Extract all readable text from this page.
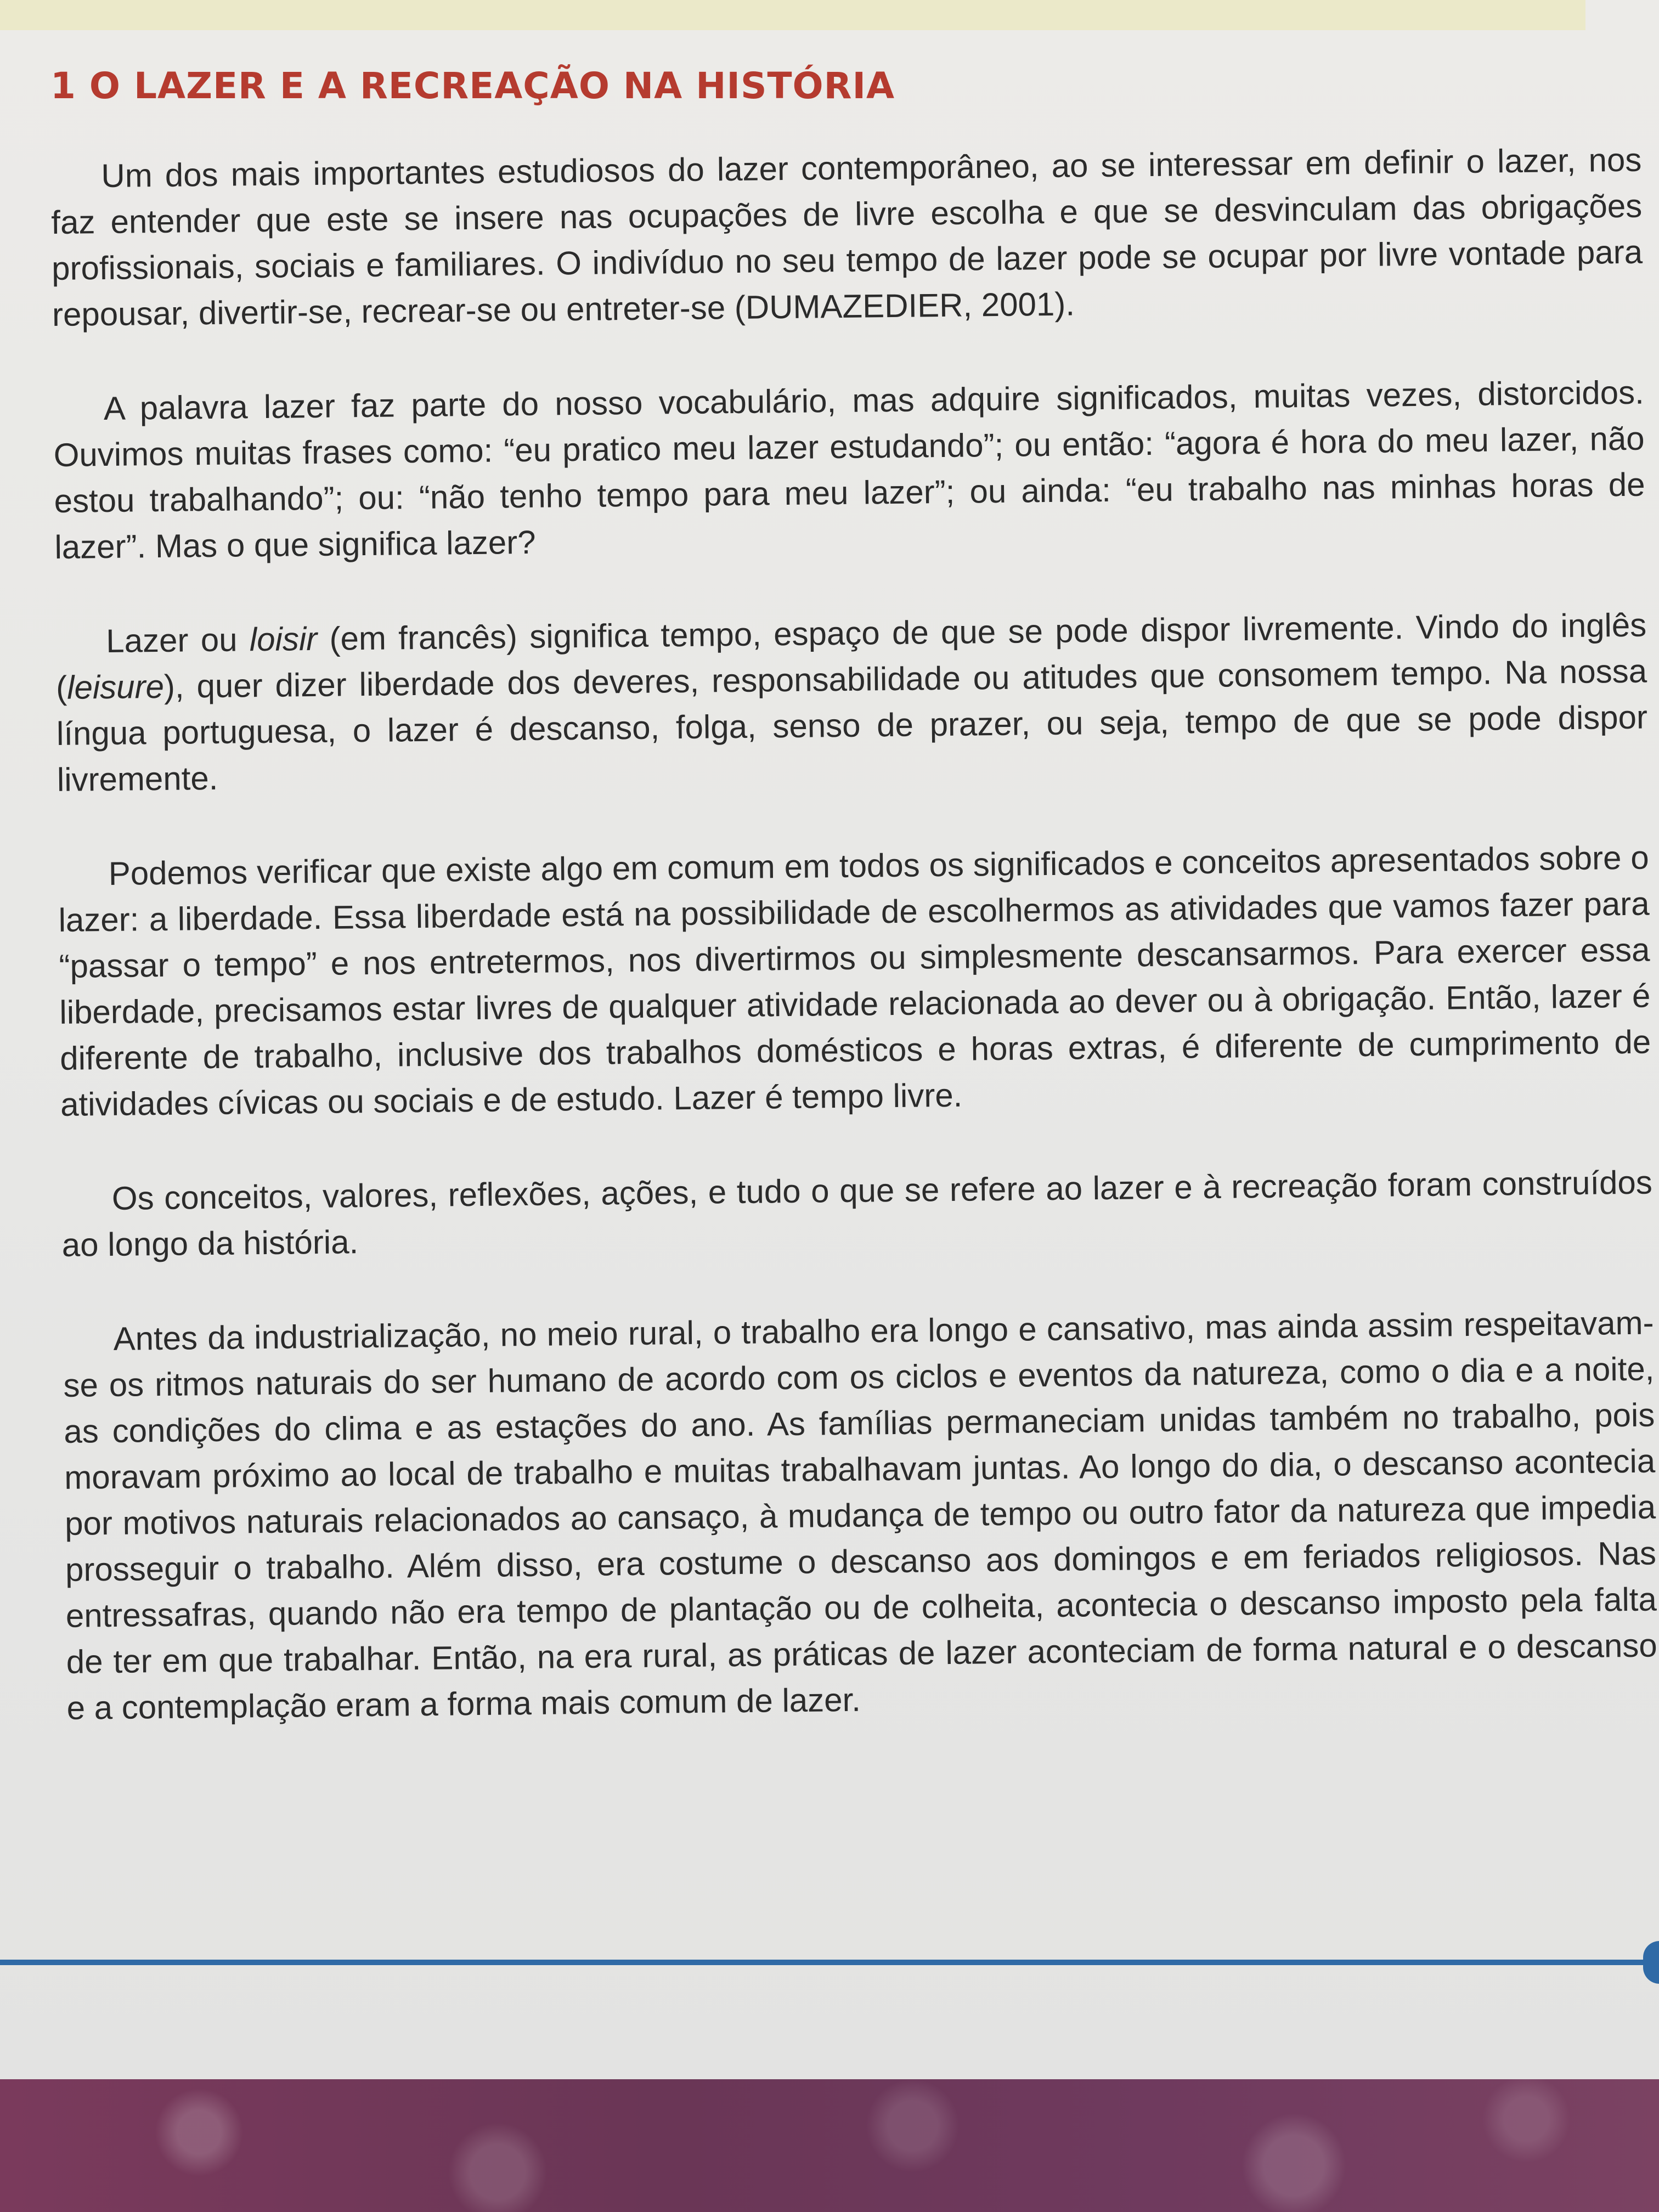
1 O LAZER E A RECREAÇÃO NA HISTÓRIA

Um dos mais importantes estudiosos do lazer contemporâneo, ao se interessar em definir o lazer, nos faz entender que este se insere nas ocupações de livre escolha e que se desvinculam das obrigações profissionais, sociais e familiares. O indivíduo no seu tempo de lazer pode se ocupar por livre vontade para repousar, divertir-se, recrear-se ou entreter-se (DUMAZEDIER, 2001).

A palavra lazer faz parte do nosso vocabulário, mas adquire significados, muitas vezes, distorcidos. Ouvimos muitas frases como: “eu pratico meu lazer estudando”; ou então: “agora é hora do meu lazer, não estou trabalhando”; ou: “não tenho tempo para meu lazer”; ou ainda: “eu trabalho nas minhas horas de lazer”. Mas o que significa lazer?

Lazer ou loisir (em francês) significa tempo, espaço de que se pode dispor livremente. Vindo do inglês (leisure), quer dizer liberdade dos deveres, responsabilidade ou atitudes que consomem tempo. Na nossa língua portuguesa, o lazer é descanso, folga, senso de prazer, ou seja, tempo de que se pode dispor livremente.

Podemos verificar que existe algo em comum em todos os significados e conceitos apresentados sobre o lazer: a liberdade. Essa liberdade está na possibilidade de escolhermos as atividades que vamos fazer para “passar o tempo” e nos entretermos, nos divertirmos ou simplesmente descansarmos. Para exercer essa liberdade, precisamos estar livres de qualquer atividade relacionada ao dever ou à obrigação. Então, lazer é diferente de trabalho, inclusive dos trabalhos domésticos e horas extras, é diferente de cumprimento de atividades cívicas ou sociais e de estudo. Lazer é tempo livre.

Os conceitos, valores, reflexões, ações, e tudo o que se refere ao lazer e à recreação foram construídos ao longo da história.

Antes da industrialização, no meio rural, o trabalho era longo e cansativo, mas ainda assim respeitavam-se os ritmos naturais do ser humano de acordo com os ciclos e eventos da natureza, como o dia e a noite, as condições do clima e as estações do ano. As famílias permaneciam unidas também no trabalho, pois moravam próximo ao local de trabalho e muitas trabalhavam juntas. Ao longo do dia, o descanso acontecia por motivos naturais relacionados ao cansaço, à mudança de tempo ou outro fator da natureza que impedia prosseguir o trabalho. Além disso, era costume o descanso aos domingos e em feriados religiosos. Nas entressafras, quando não era tempo de plantação ou de colheita, acontecia o descanso imposto pela falta de ter em que trabalhar. Então, na era rural, as práticas de lazer aconteciam de forma natural e o descanso e a contemplação eram a forma mais comum de lazer.
